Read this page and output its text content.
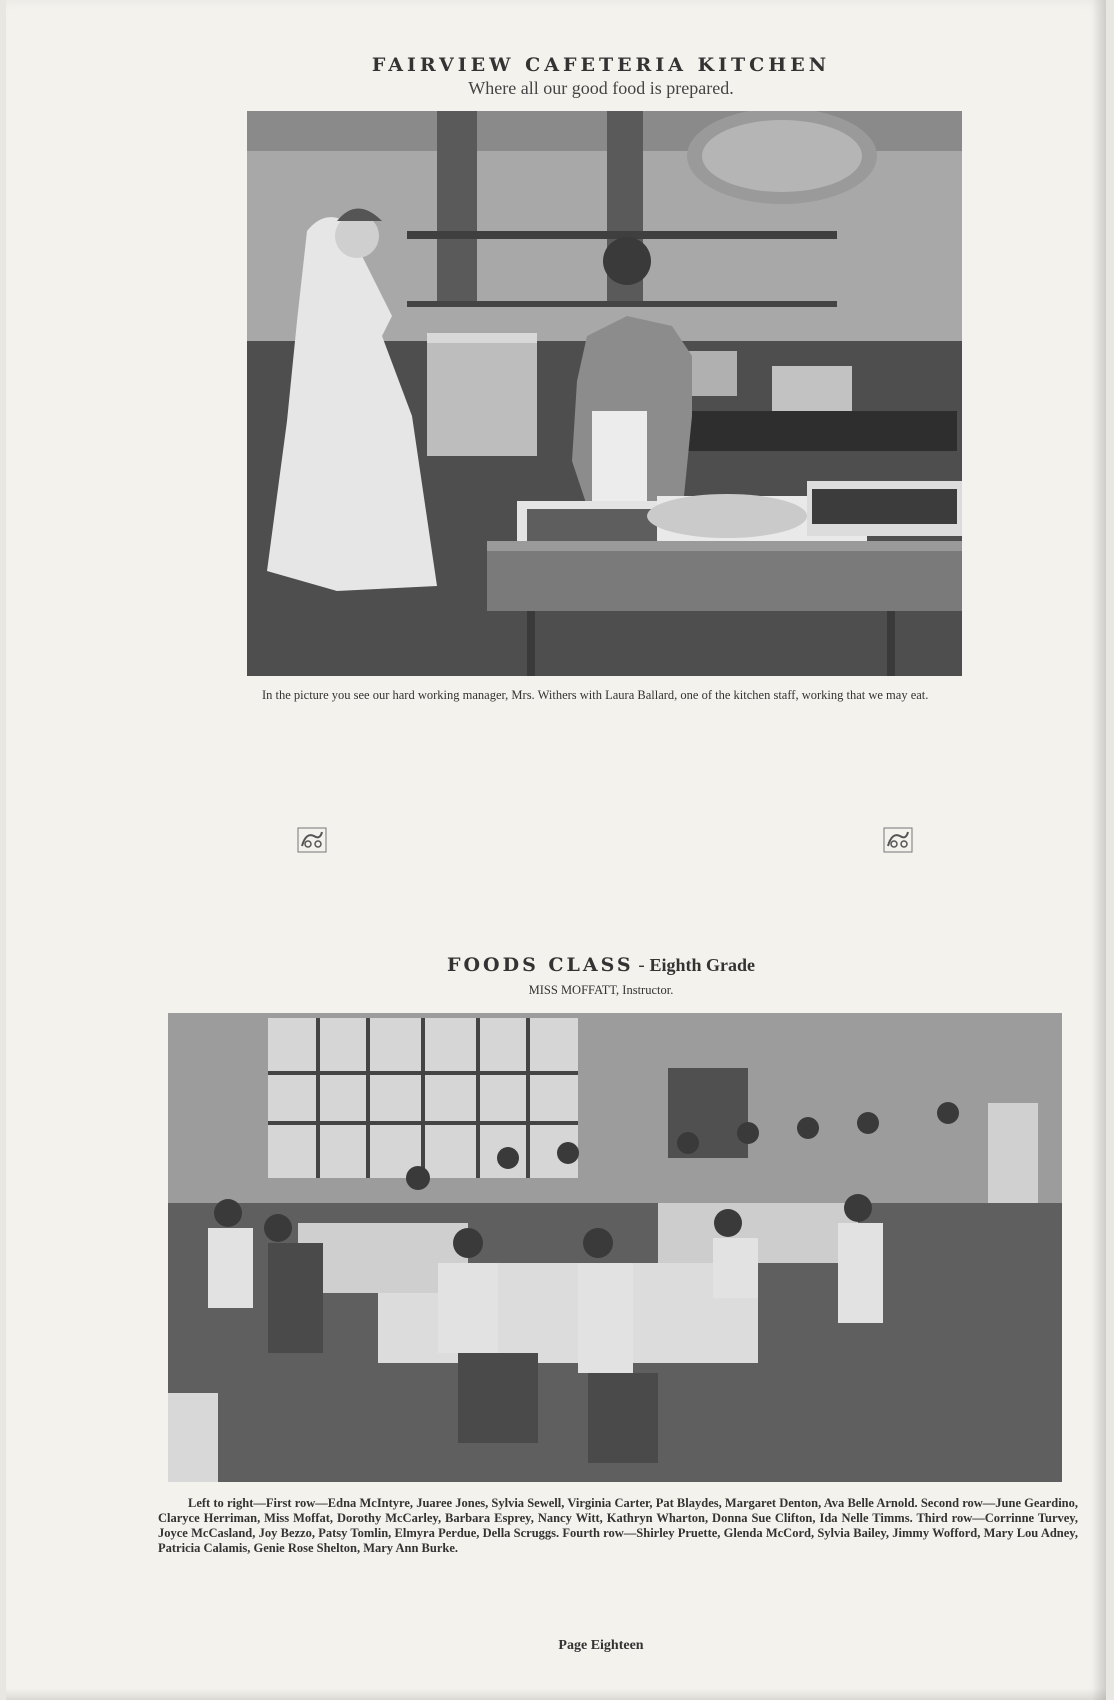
FAIRVIEW CAFETERIA KITCHEN
Where all our good food is prepared.
In the picture you see our hard working manager, Mrs. Withers with Laura Ballard, one of the kitchen staff, working that we may eat.
FOODS CLASS - Eighth Grade
MISS MOFFATT, Instructor.
Left to right—First row—Edna McIntyre, Juaree Jones, Sylvia Sewell, Virginia Carter, Pat Blaydes, Margaret Denton, Ava Belle Arnold. Second row—June Geardino, Claryce Herriman, Miss Moffat, Dorothy McCarley, Barbara Esprey, Nancy Witt, Kathryn Wharton, Donna Sue Clifton, Ida Nelle Timms. Third row—Corrinne Turvey, Joyce McCasland, Joy Bezzo, Patsy Tomlin, Elmyra Perdue, Della Scruggs. Fourth row—Shirley Pruette, Glenda McCord, Sylvia Bailey, Jimmy Wofford, Mary Lou Adney, Patricia Calamis, Genie Rose Shelton, Mary Ann Burke.
Page Eighteen
